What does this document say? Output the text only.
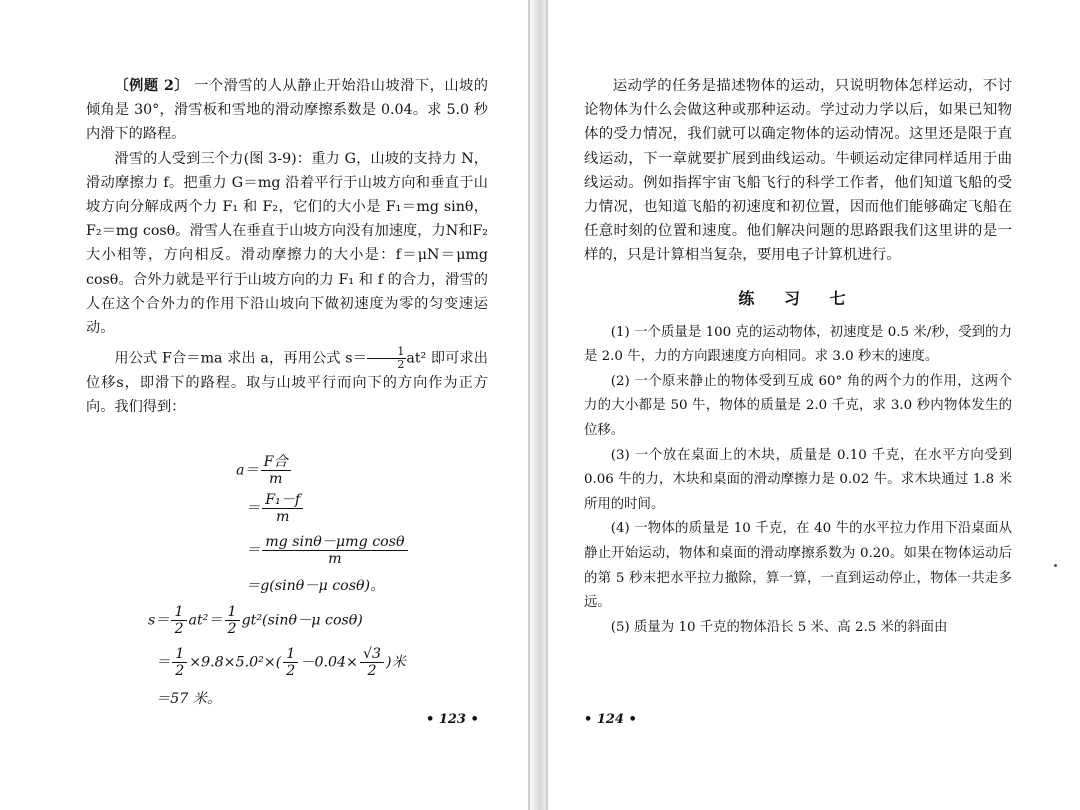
〔例题 2〕 一个滑雪的人从静止开始沿山坡滑下，山坡的倾角是 30°，滑雪板和雪地的滑动摩擦系数是 0.04。求 5.0 秒内滑下的路程。

滑雪的人受到三个力(图 3-9)：重力 G，山坡的支持力 N，滑动摩擦力 f。把重力 G＝mg 沿着平行于山坡方向和垂直于山坡方向分解成两个力 F₁ 和 F₂，它们的大小是 F₁＝mg sinθ，F₂＝mg cosθ。滑雪人在垂直于山坡方向没有加速度，力N和F₂大小相等，方向相反。滑动摩擦力的大小是：f＝μN＝μmg cosθ。合外力就是平行于山坡方向的力 F₁ 和 f 的合力，滑雪的人在这个合外力的作用下沿山坡向下做初速度为零的匀变速运动。

用公式 F合＝ma 求出 a，再用公式 $s= \frac{1}{2} at^2$ 即可求出位移s，即滑下的路程。取与山坡平行而向下的方向作为正方向。我们得到：

$a= \frac{\text{F合}}{m}$
＝ $\frac{\text{F₁－f}}{m}$
＝ $\frac{\text{mg sinθ－μmg cosθ}}{m}$
＝g(sinθ－μ cosθ)。
$s= \frac{1}{2} at^2= \frac{1}{2} gt^2(\sin\theta-\mu$ cosθ)
＝ $\frac{1}{2} \times 9.8\times 5.0^2\times( \frac{1}{2} -0.04\times \frac{√3}{2}$ )米
＝57 米。
• 123 •

运动学的任务是描述物体的运动，只说明物体怎样运动，不讨论物体为什么会做这种或那种运动。学过动力学以后，如果已知物体的受力情况，我们就可以确定物体的运动情况。这里还是限于直线运动，下一章就要扩展到曲线运动。牛顿运动定律同样适用于曲线运动。例如指挥宇宙飞船飞行的科学工作者，他们知道飞船的受力情况，也知道飞船的初速度和初位置，因而他们能够确定飞船在任意时刻的位置和速度。他们解决问题的思路跟我们这里讲的是一样的，只是计算相当复杂，要用电子计算机进行。

练 习 七

(1) 一个质量是 100 克的运动物体，初速度是 0.5 米/秒，受到的力是 2.0 牛，力的方向跟速度方向相同。求 3.0 秒末的速度。

(2) 一个原来静止的物体受到互成 60° 角的两个力的作用，这两个力的大小都是 50 牛，物体的质量是 2.0 千克，求 3.0 秒内物体发生的位移。

(3) 一个放在桌面上的木块，质量是 0.10 千克，在水平方向受到 0.06 牛的力，木块和桌面的滑动摩擦力是 0.02 牛。求木块通过 1.8 米所用的时间。

(4) 一物体的质量是 10 千克，在 40 牛的水平拉力作用下沿桌面从静止开始运动，物体和桌面的滑动摩擦系数为 0.20。如果在物体运动后的第 5 秒末把水平拉力撤除，算一算，一直到运动停止，物体一共走多远。

(5) 质量为 10 千克的物体沿长 5 米、高 2.5 米的斜面由

• 124 •
